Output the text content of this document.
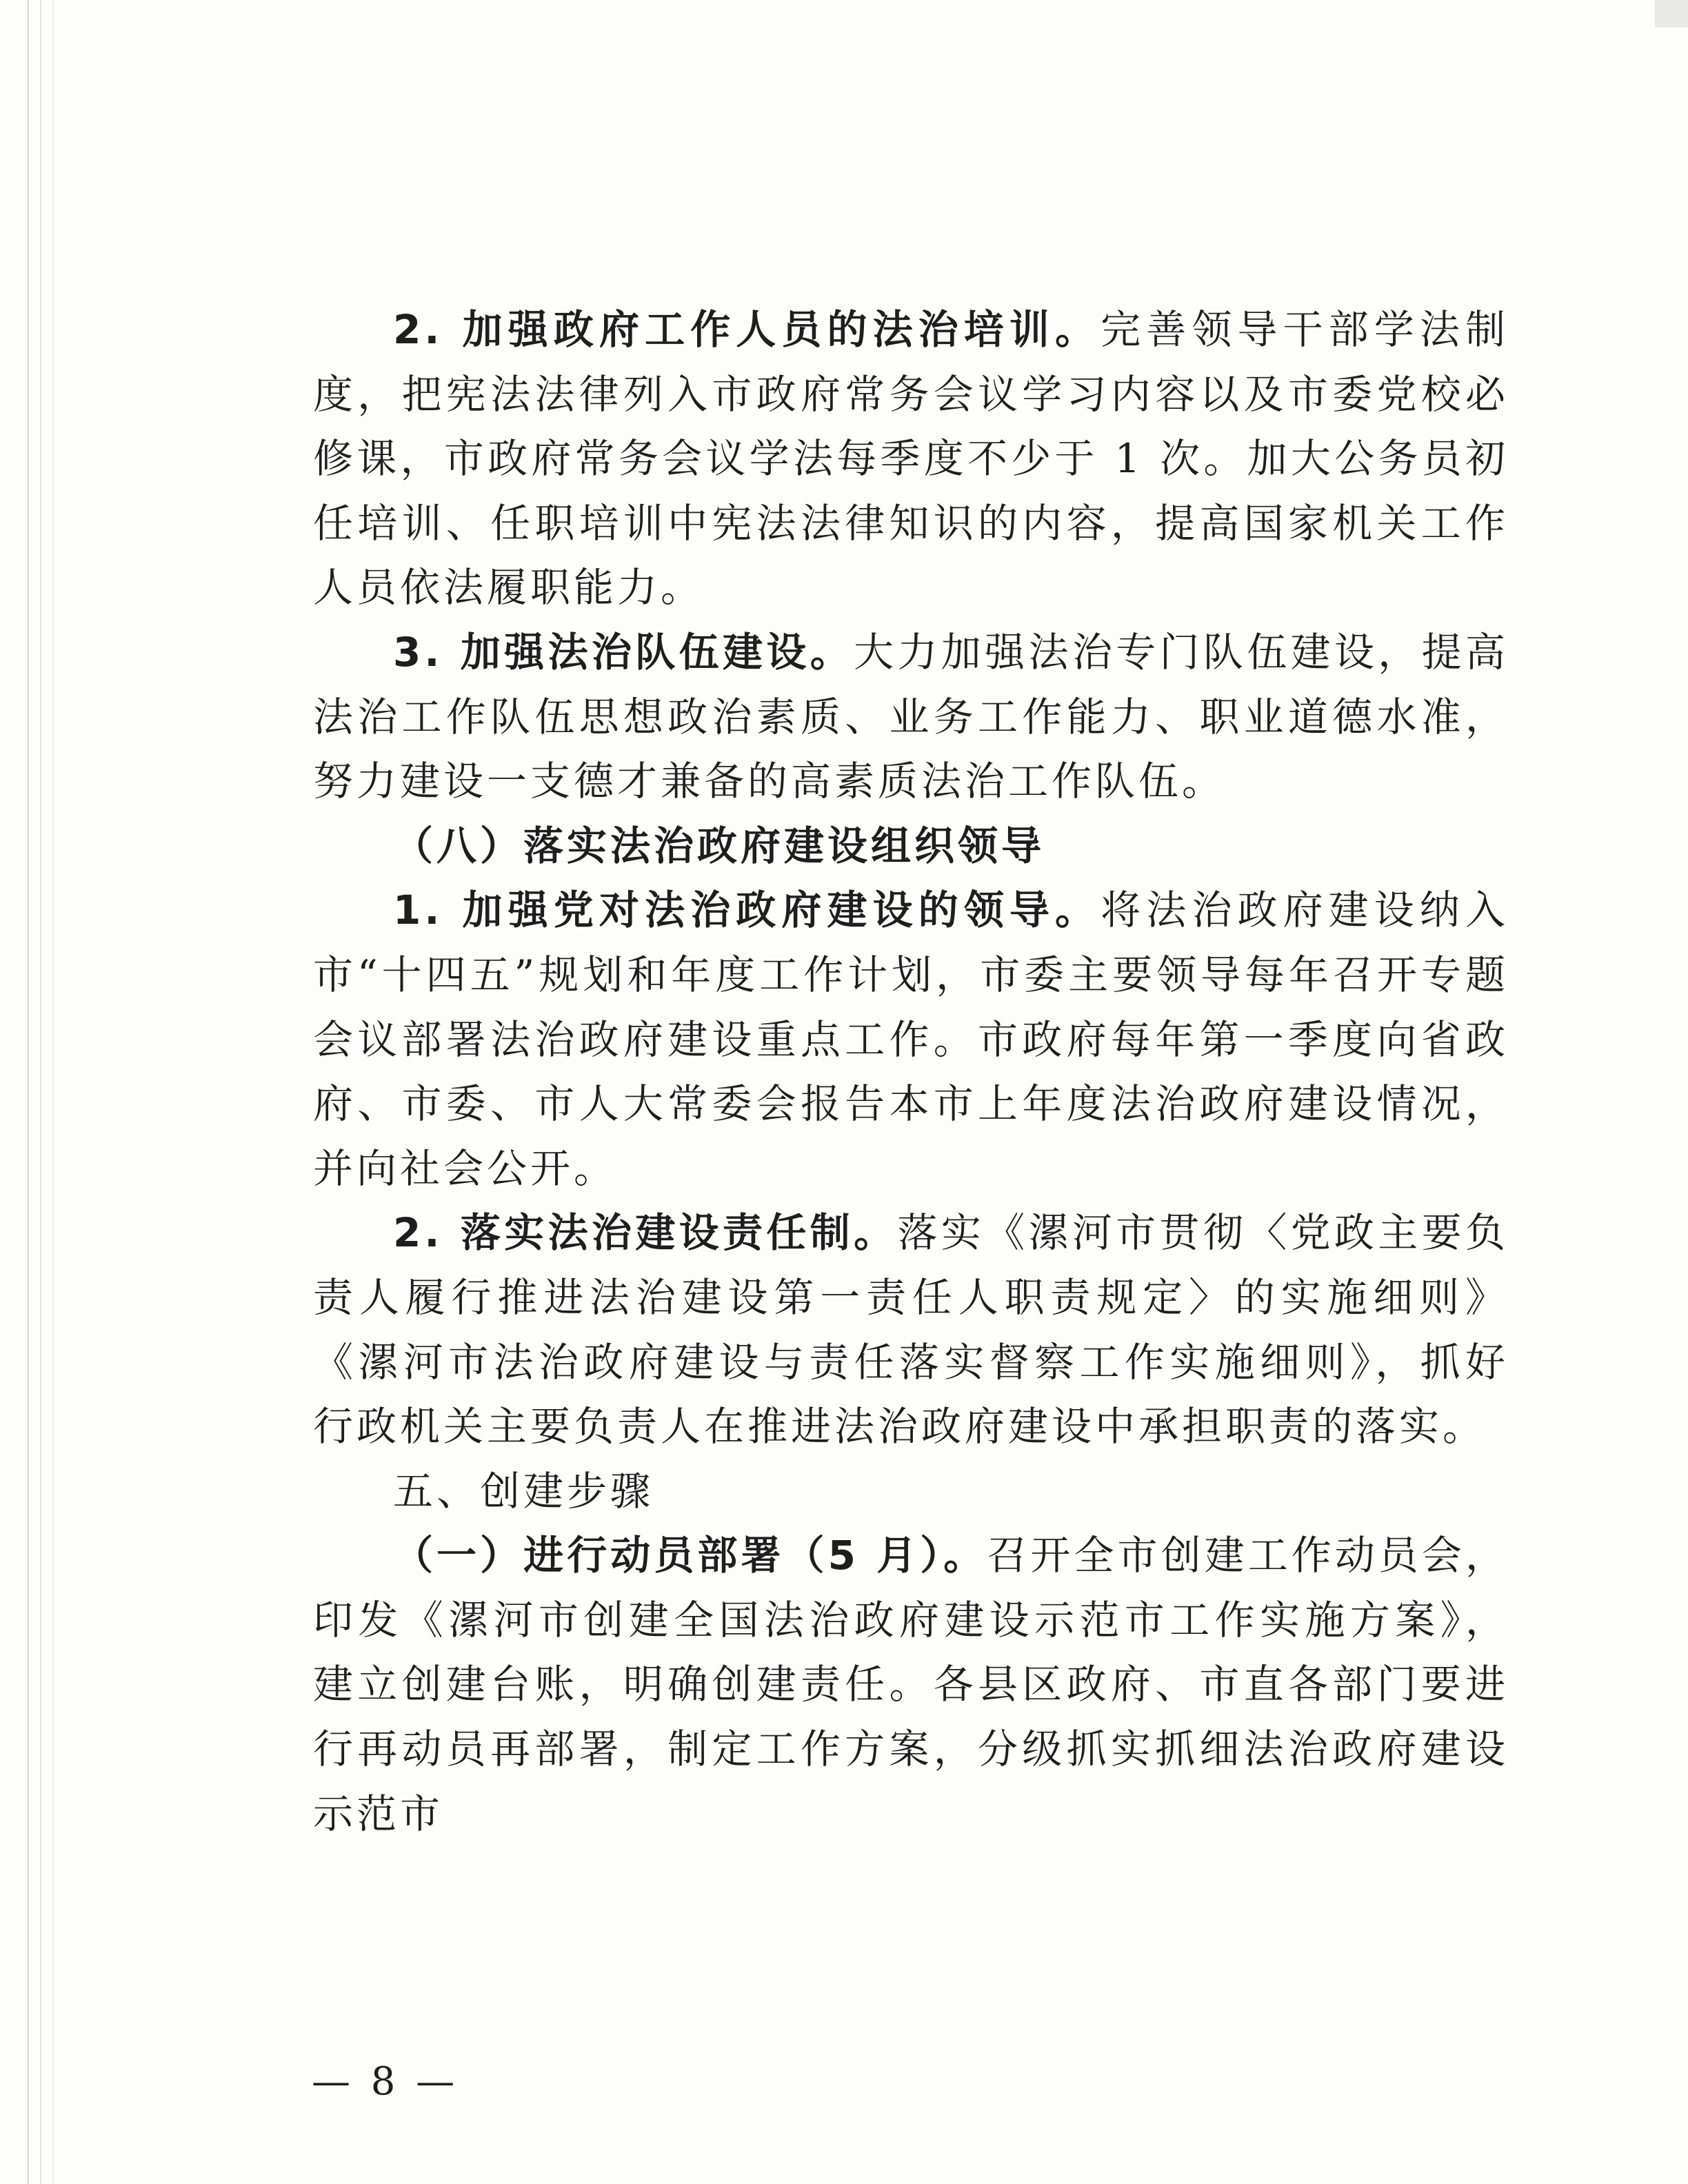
2. 加强政府工作人员的法治培训。完善领导干部学法制度，把宪法法律列入市政府常务会议学习内容以及市委党校必修课，市政府常务会议学法每季度不少于 1 次。加大公务员初任培训、任职培训中宪法法律知识的内容，提高国家机关工作人员依法履职能力。

3. 加强法治队伍建设。大力加强法治专门队伍建设，提高法治工作队伍思想政治素质、业务工作能力、职业道德水准，努力建设一支德才兼备的高素质法治工作队伍。

（八）落实法治政府建设组织领导

1. 加强党对法治政府建设的领导。将法治政府建设纳入市“十四五”规划和年度工作计划，市委主要领导每年召开专题会议部署法治政府建设重点工作。市政府每年第一季度向省政府、市委、市人大常委会报告本市上年度法治政府建设情况，并向社会公开。

2. 落实法治建设责任制。落实《漯河市贯彻〈党政主要负责人履行推进法治建设第一责任人职责规定〉的实施细则》《漯河市法治政府建设与责任落实督察工作实施细则》，抓好行政机关主要负责人在推进法治政府建设中承担职责的落实。

五、创建步骤

（一）进行动员部署（5 月）。召开全市创建工作动员会，印发《漯河市创建全国法治政府建设示范市工作实施方案》，建立创建台账，明确创建责任。各县区政府、市直各部门要进行再动员再部署，制定工作方案，分级抓实抓细法治政府建设示范市

— 8 —
